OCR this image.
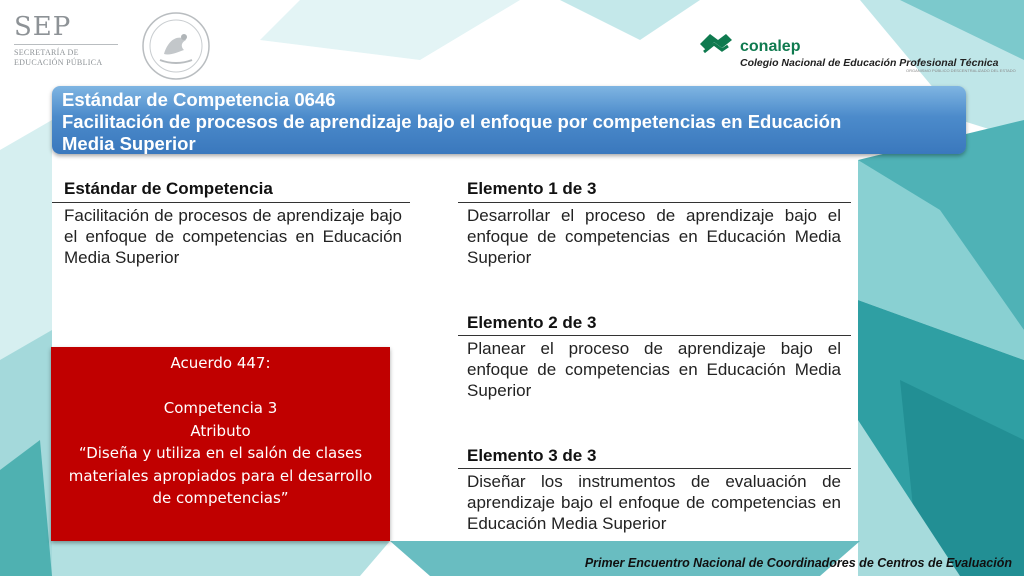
SEP
SECRETARÍA DE
EDUCACIÓN PÚBLICA
conalep
Colegio Nacional de Educación Profesional Técnica
ORGANISMO PÚBLICO DESCENTRALIZADO DEL ESTADO
Estándar de Competencia 0646
Facilitación de procesos de aprendizaje bajo el enfoque por competencias en Educación
Media Superior
Estándar de Competencia
Facilitación de procesos de aprendizaje bajo el enfoque de competencias en Educación Media Superior
Elemento 1 de 3
Desarrollar el proceso de aprendizaje bajo el enfoque de competencias en Educación Media Superior
Elemento 2 de 3
Planear el proceso de aprendizaje bajo el enfoque de competencias en Educación Media Superior
Elemento 3 de 3
Diseñar los instrumentos de evaluación de aprendizaje bajo el enfoque de competencias en Educación Media Superior
Acuerdo 447:
Competencia 3
Atributo
“Diseña y utiliza en el salón de clases
materiales apropiados para el desarrollo
de competencias”
Primer Encuentro Nacional de Coordinadores de Centros de Evaluación
